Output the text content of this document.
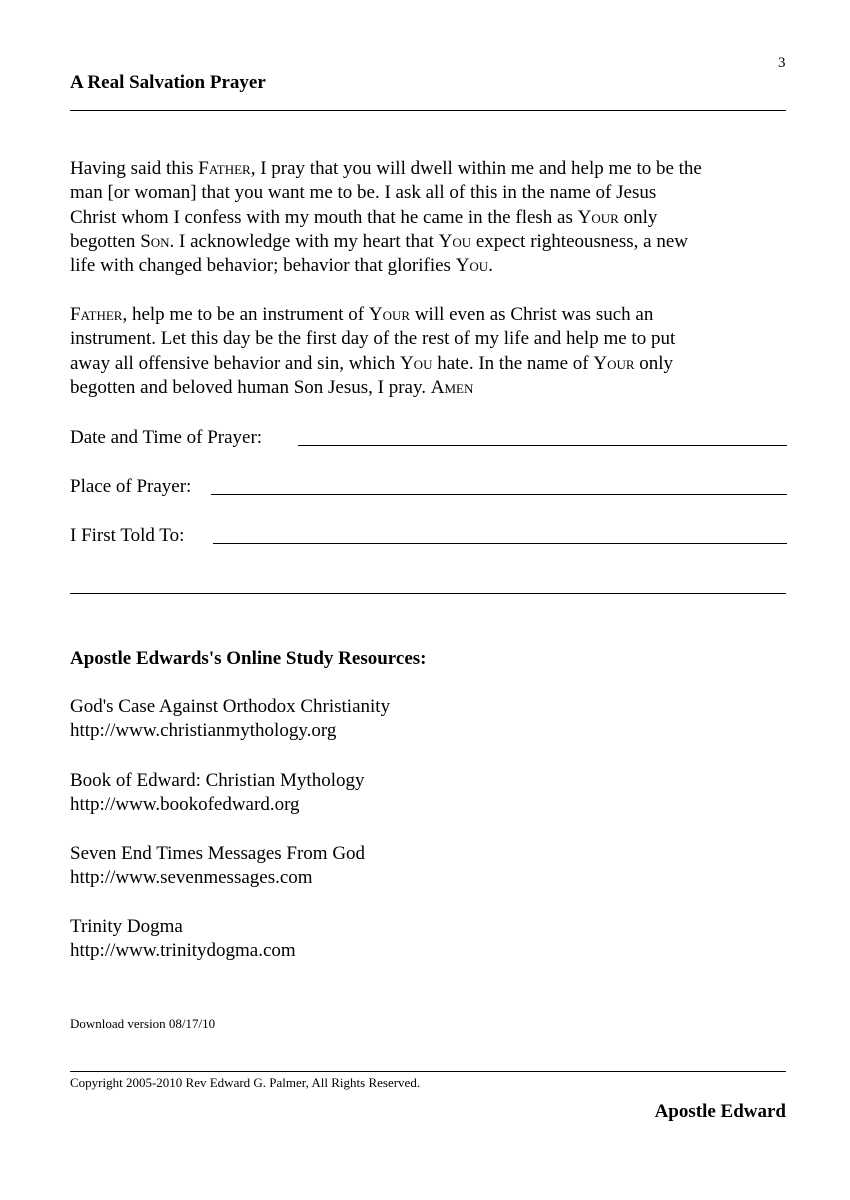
3
A Real Salvation Prayer
Having said this Father, I pray that you will dwell within me and help me to be the
man [or woman] that you want me to be. I ask all of this in the name of Jesus
Christ whom I confess with my mouth that he came in the flesh as Your only
begotten Son. I acknowledge with my heart that You expect righteousness, a new
life with changed behavior; behavior that glorifies You.
Father, help me to be an instrument of Your will even as Christ was such an
instrument. Let this day be the first day of the rest of my life and help me to put
away all offensive behavior and sin, which You hate. In the name of Your only
begotten and beloved human Son Jesus, I pray. Amen
Date and Time of Prayer:
Place of Prayer:
I First Told To:
Apostle Edwards's Online Study Resources:
God's Case Against Orthodox Christianity
http://www.christianmythology.org
Book of Edward: Christian Mythology
http://www.bookofedward.org
Seven End Times Messages From God
http://www.sevenmessages.com
Trinity Dogma
http://www.trinitydogma.com
Download version 08/17/10
Copyright 2005-2010 Rev Edward G. Palmer, All Rights Reserved.
Apostle Edward
